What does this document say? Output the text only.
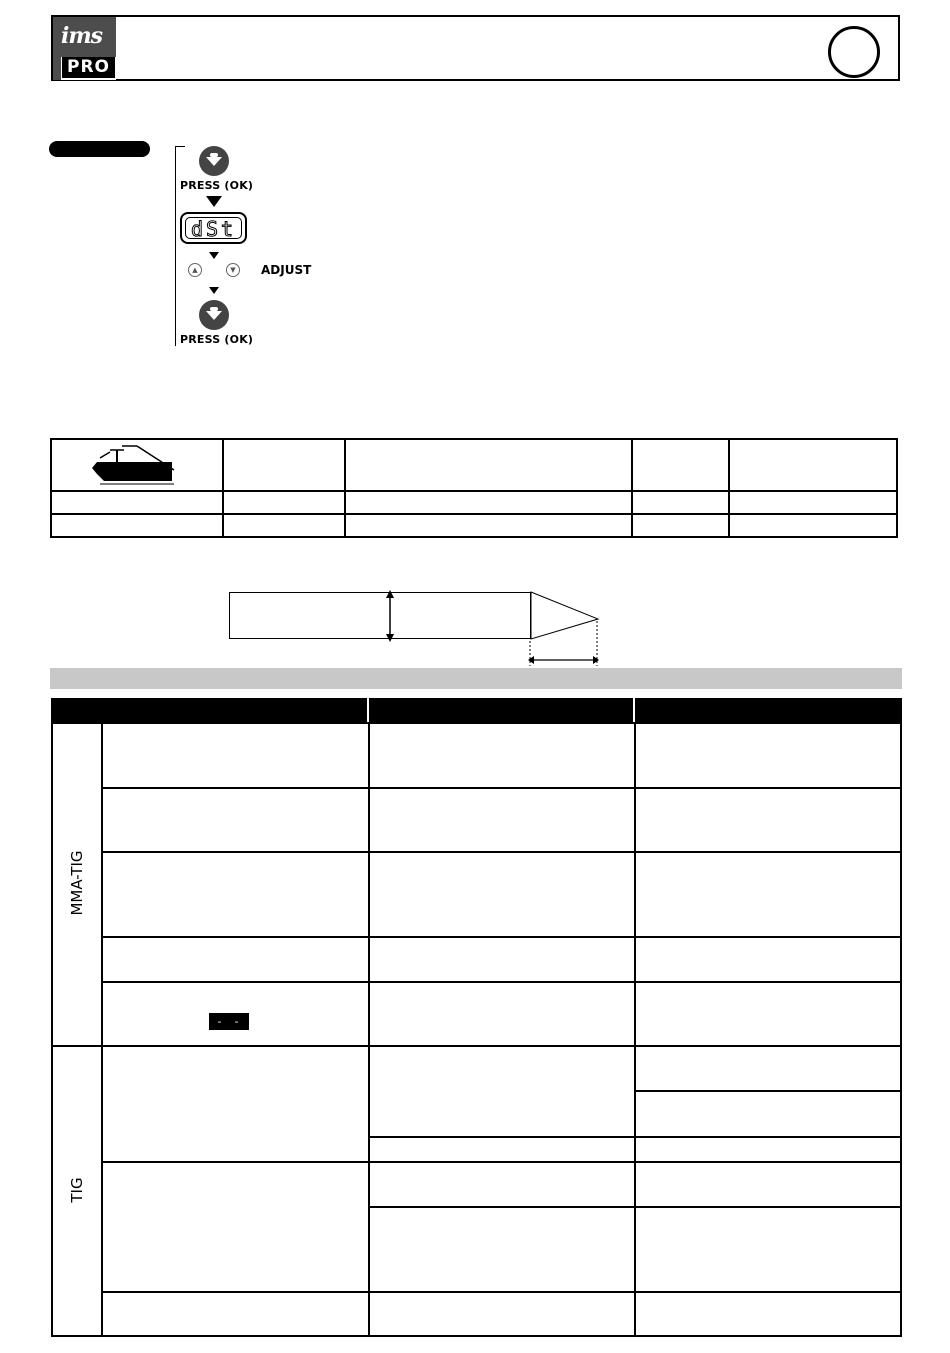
ims
PRO
PRESS (OK)
dSt
▲	▼	ADJUST
PRESS (OK)

MMA-TIG
TIG
- - -
